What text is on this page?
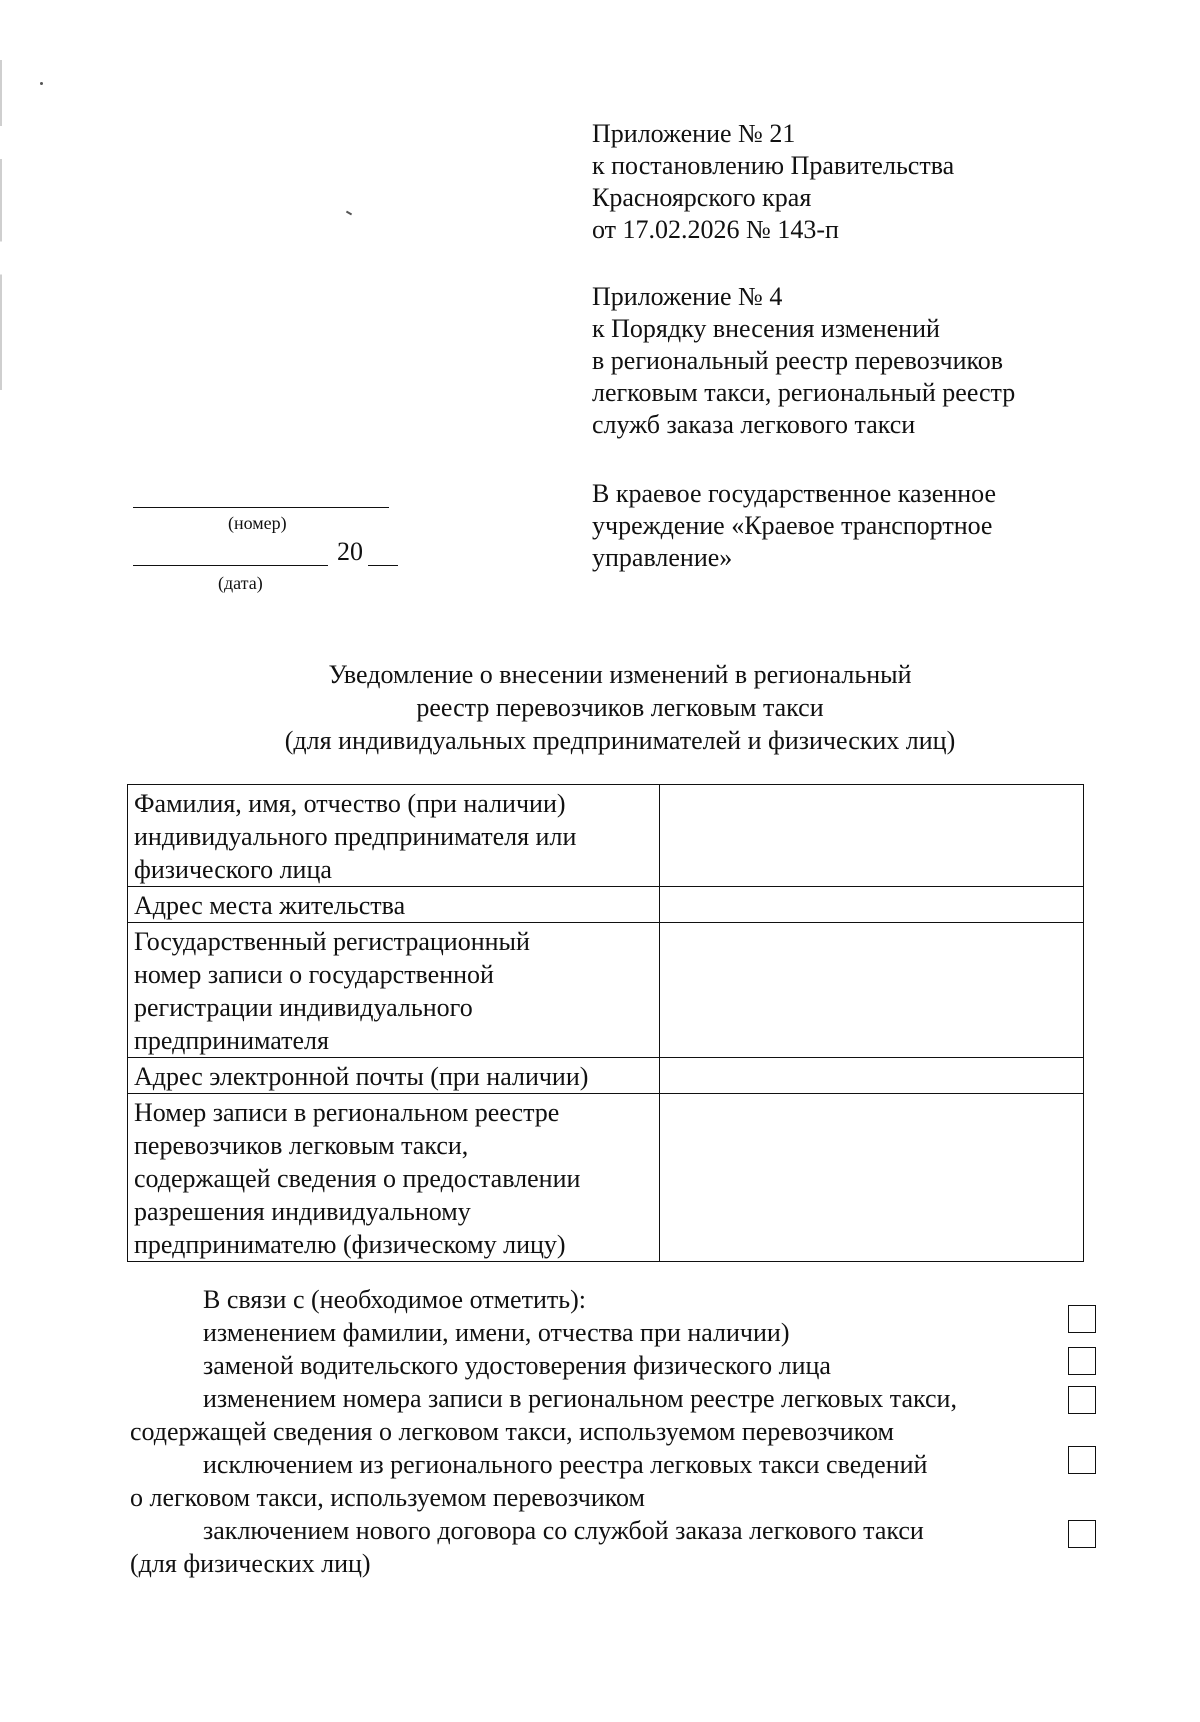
Приложение № 21
к постановлению Правительства
Красноярского края
от 17.02.2026 № 143-п
Приложение № 4
к Порядку внесения изменений
в региональный реестр перевозчиков
легковым такси, региональный реестр
служб заказа легкового такси
В краевое государственное казенное
учреждение «Краевое транспортное
управление»
(номер)
20
(дата)
Уведомление о внесении изменений в региональный
реестр перевозчиков легковым такси
(для индивидуальных предпринимателей и физических лиц)
Фамилия, имя, отчество (при наличии)
индивидуального предпринимателя или
физического лица	

Адрес места жительства	

Государственный регистрационный
номер записи о государственной
регистрации индивидуального
предпринимателя	

Адрес электронной почты (при наличии)	

Номер записи в региональном реестре
перевозчиков легковым такси,
содержащей сведения о предоставлении
разрешения индивидуальному
предпринимателю (физическому лицу)	

В связи с (необходимое отметить):
изменением фамилии, имени, отчества при наличии)
заменой водительского удостоверения физического лица
изменением номера записи в региональном реестре легковых такси,
содержащей сведения о легковом такси, используемом перевозчиком
исключением из регионального реестра легковых такси сведений
о легковом такси, используемом перевозчиком
заключением нового договора со службой заказа легкового такси
(для физических лиц)
